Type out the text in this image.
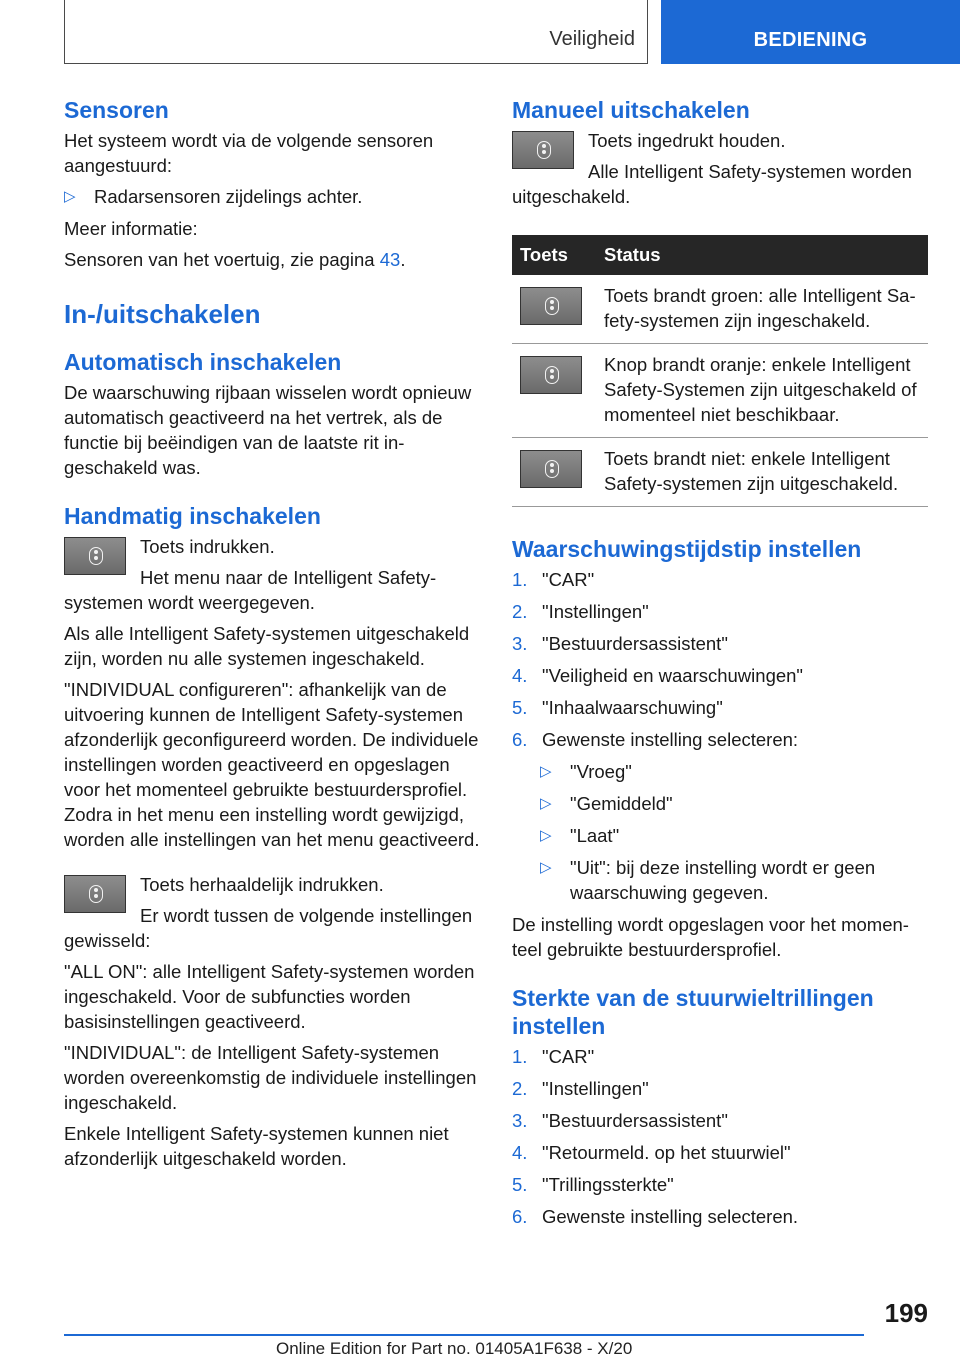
Veiligheid	BEDIENING
Sensoren

Het systeem wordt via de volgende sensoren aangestuurd:

▷ Radarsensoren zijdelings achter.

Meer informatie:

Sensoren van het voertuig, zie pagina 43.

In-/uitschakelen
Automatisch inschakelen

De waarschuwing rijbaan wisselen wordt opnieuw automatisch geactiveerd na het vertrek, als de functie bij beëindigen van de laatste rit ingeschakeld was.

Handmatig inschakelen

Toets indrukken.

Het menu naar de Intelligent Safety-systemen wordt weergegeven.

Als alle Intelligent Safety-systemen uitgeschakeld zijn, worden nu alle systemen ingeschakeld.

"INDIVIDUAL configureren": afhankelijk van de uitvoering kunnen de Intelligent Safety-systemen afzonderlijk geconfigureerd worden. De individuele instellingen worden geactiveerd en opgeslagen voor het momenteel gebruikte bestuurdersprofiel. Zodra in het menu een instelling wordt gewijzigd, worden alle instellingen van het menu geactiveerd.

Toets herhaaldelijk indrukken.

Er wordt tussen de volgende instellingen gewisseld:

"ALL ON": alle Intelligent Safety-systemen worden ingeschakeld. Voor de subfuncties worden basisinstellingen geactiveerd.

"INDIVIDUAL": de Intelligent Safety-systemen worden overeenkomstig de individuele instellingen ingeschakeld.

Enkele Intelligent Safety-systemen kunnen niet afzonderlijk uitgeschakeld worden.

Manueel uitschakelen

Toets ingedrukt houden.

Alle Intelligent Safety-systemen worden uitgeschakeld.

Toets	Status

	Toets brandt groen: alle Intelligent Safety-systemen zijn ingeschakeld.

	Knop brandt oranje: enkele Intelligent Safety-Systemen zijn uitgeschakeld of momenteel niet beschikbaar.

	Toets brandt niet: enkele Intelligent Safety-systemen zijn uitgeschakeld.
Waarschuwingstijdstip instellen
1. "CAR"
2. "Instellingen"
3. "Bestuurdersassistent"
4. "Veiligheid en waarschuwingen"
5. "Inhaalwaarschuwing"
6. Gewenste instelling selecteren:
▷ "Vroeg"
▷ "Gemiddeld"
▷ "Laat"
▷ "Uit": bij deze instelling wordt er geen waarschuwing gegeven.

De instelling wordt opgeslagen voor het momenteel gebruikte bestuurdersprofiel.

Sterkte van de stuurwieltrillingen instellen
1. "CAR"
2. "Instellingen"
3. "Bestuurdersassistent"
4. "Retourmeld. op het stuurwiel"
5. "Trillingssterkte"
6. Gewenste instelling selecteren.
199
Online Edition for Part no. 01405A1F638 - X/20
